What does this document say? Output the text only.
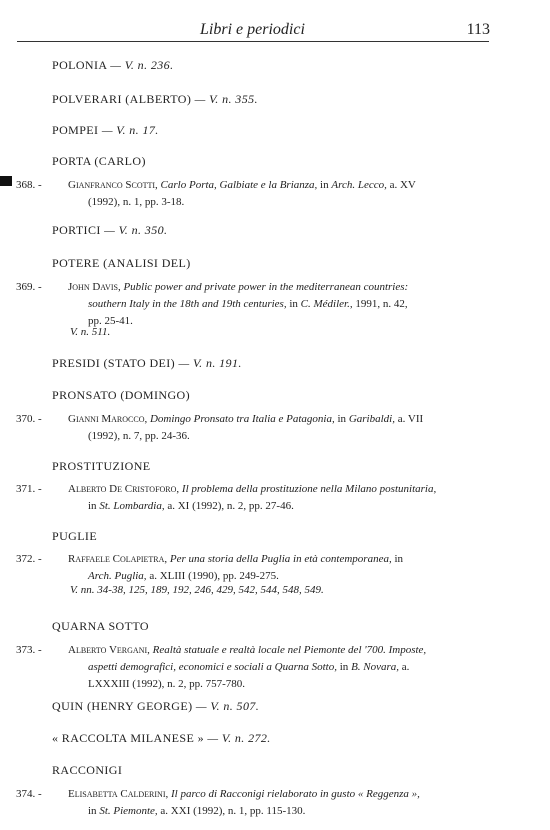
Libri e periodici	113
POLONIA — V. n. 236.
POLVERARI (ALBERTO) — V. n. 355.
POMPEI — V. n. 17.
PORTA (CARLO)
368. - Gianfranco Scotti, Carlo Porta, Galbiate e la Brianza, in Arch. Lecco, a. XV
(1992), n. 1, pp. 3-18.
PORTICI — V. n. 350.
POTERE (ANALISI DEL)
369. - John Davis, Public power and private power in the mediterranean countries:
southern Italy in the 18th and 19th centuries, in C. Médiler., 1991, n. 42,
pp. 25-41.
V. n. 511.
PRESIDI (STATO DEI) — V. n. 191.
PRONSATO (DOMINGO)
370. - Gianni Marocco, Domingo Pronsato tra Italia e Patagonia, in Garibaldi, a. VII
(1992), n. 7, pp. 24-36.
PROSTITUZIONE
371. - Alberto De Cristoforo, Il problema della prostituzione nella Milano postunitaria,
in St. Lombardia, a. XI (1992), n. 2, pp. 27-46.
PUGLIE
372. - Raffaele Colapietra, Per una storia della Puglia in età contemporanea, in
Arch. Puglia, a. XLIII (1990), pp. 249-275.
V. nn. 34-38, 125, 189, 192, 246, 429, 542, 544, 548, 549.
QUARNA SOTTO
373. - Alberto Vergani, Realtà statuale e realtà locale nel Piemonte del '700. Imposte,
aspetti demografici, economici e sociali a Quarna Sotto, in B. Novara, a.
LXXXIII (1992), n. 2, pp. 757-780.
QUIN (HENRY GEORGE) — V. n. 507.
« RACCOLTA MILANESE » — V. n. 272.
RACCONIGI
374. - Elisabetta Calderini, Il parco di Racconigi rielaborato in gusto « Reggenza »,
in St. Piemonte, a. XXI (1992), n. 1, pp. 115-130.
